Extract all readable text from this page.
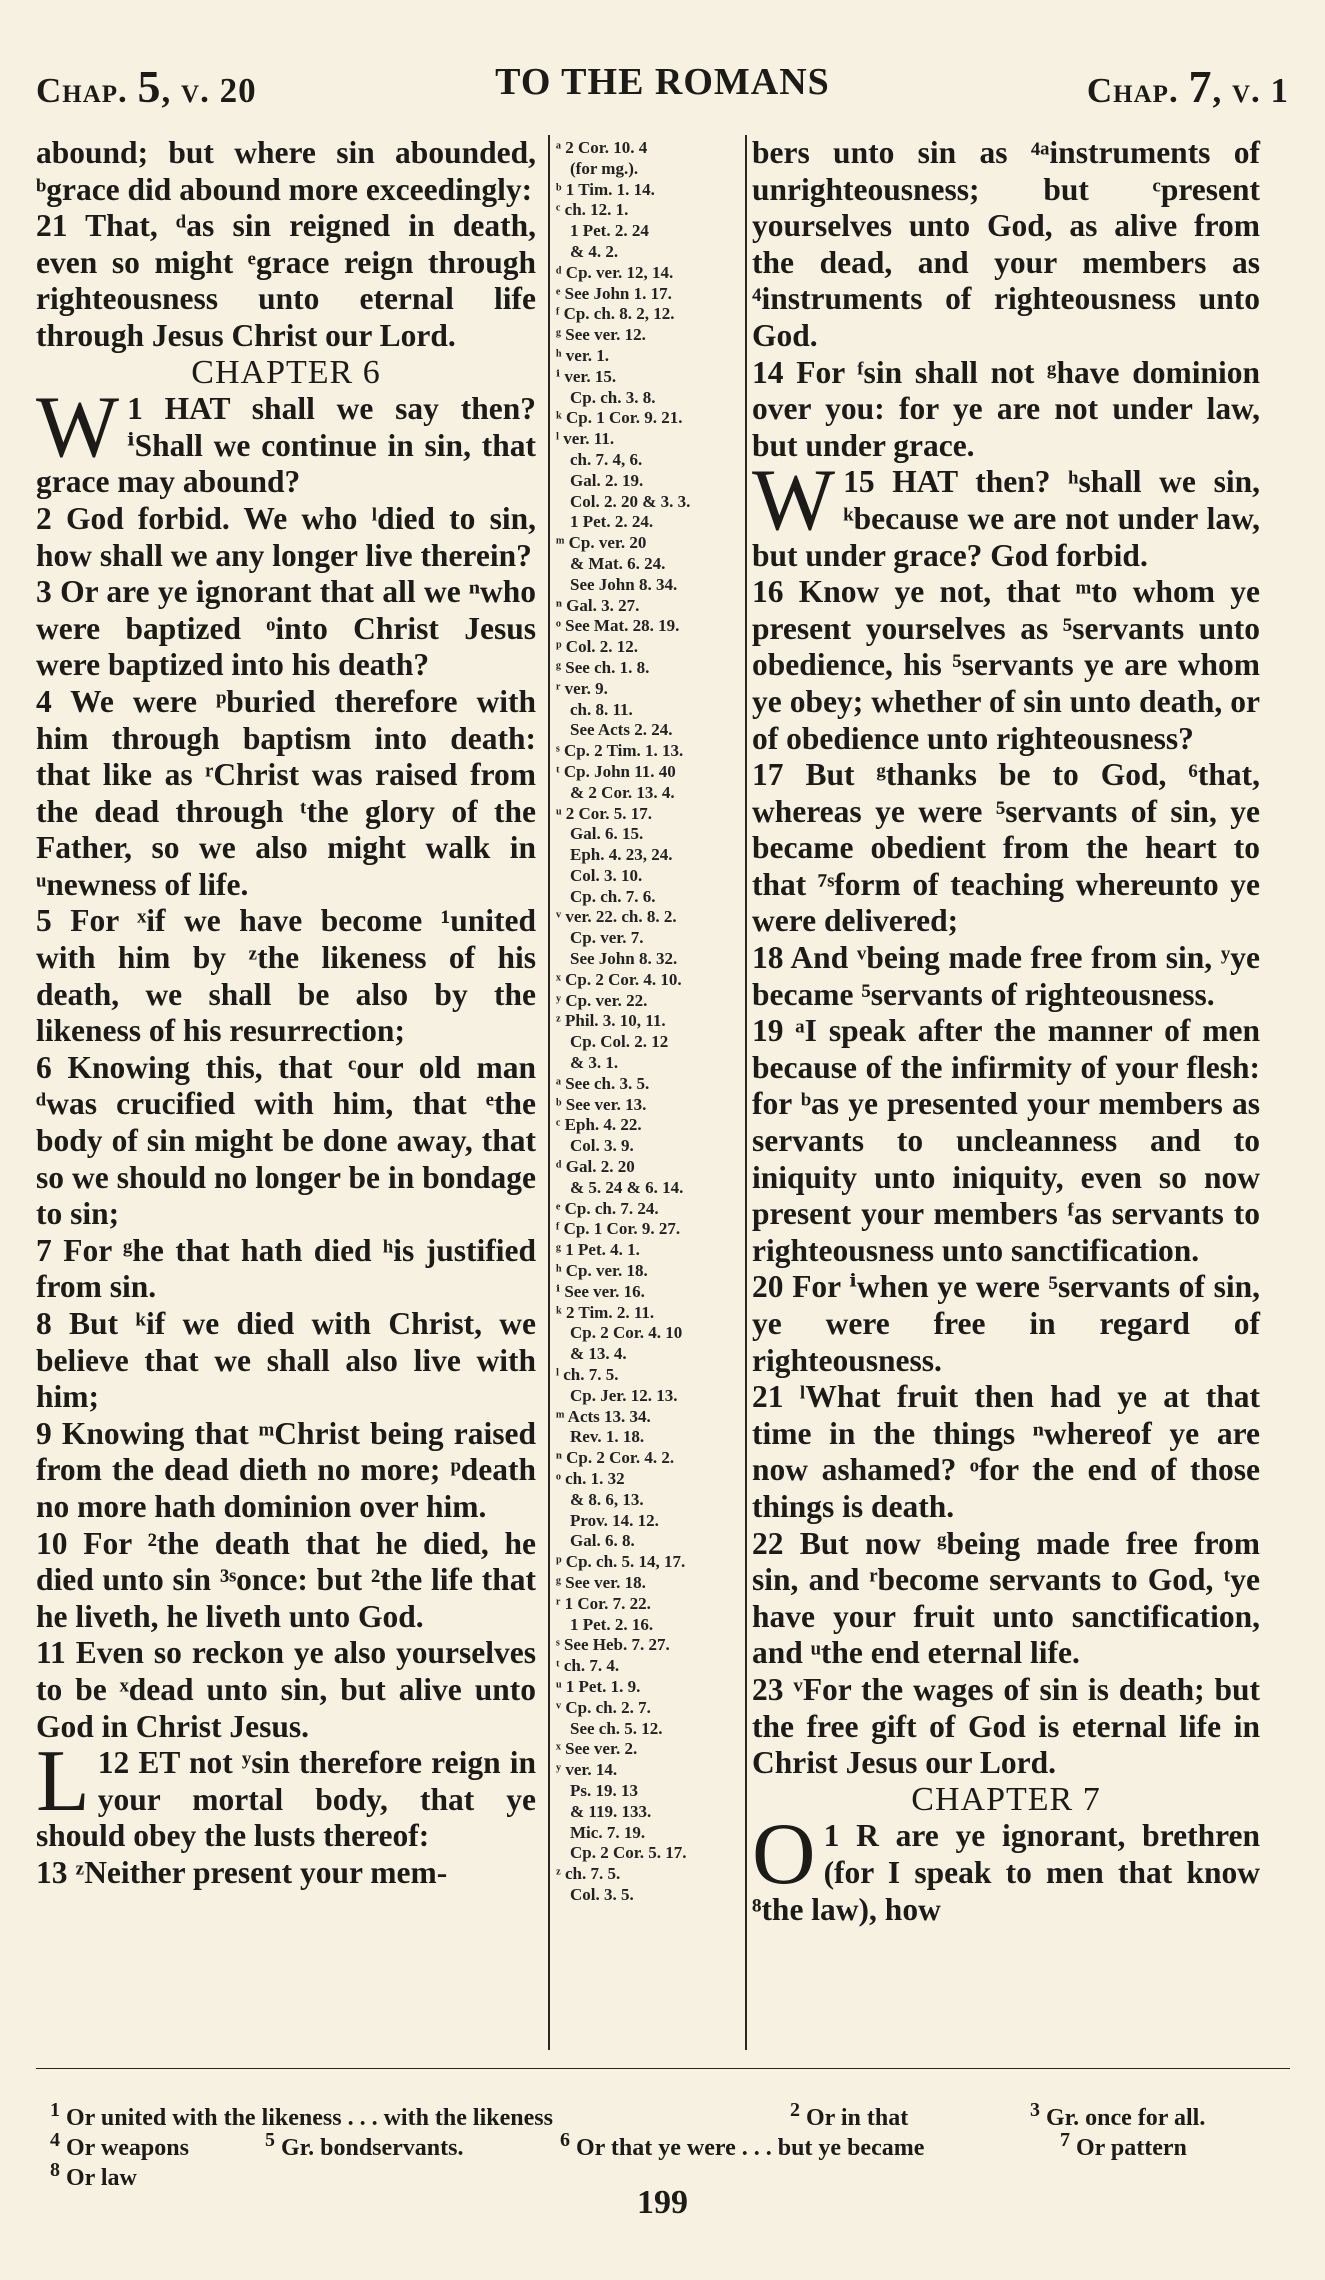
Chap. 5, v. 20	TO THE ROMANS	Chap. 7, v. 1

abound; but where sin abounded, ᵇgrace did abound more exceedingly:

21 That, ᵈas sin reigned in death, even so might ᵉgrace reign through righteousness unto eternal life through Jesus Christ our Lord.

CHAPTER 6

1
W HAT shall we say then? ⁱShall we continue in sin, that grace may abound?

2 God forbid. We who ˡdied to sin, how shall we any longer live therein?

3 Or are ye ignorant that all we ⁿwho were baptized ᵒinto Christ Jesus were baptized into his death?

4 We were ᵖburied therefore with him through baptism into death: that like as ʳChrist was raised from the dead through ᵗthe glory of the Father, so we also might walk in ᵘnewness of life.

5 For ˣif we have become ¹united with him by ᶻthe likeness of his death, we shall be also by the likeness of his resurrection;

6 Knowing this, that ᶜour old man ᵈwas crucified with him, that ᵉthe body of sin might be done away, that so we should no longer be in bondage to sin;

7 For ᵍhe that hath died ʰis justified from sin.

8 But ᵏif we died with Christ, we believe that we shall also live with him;

9 Knowing that ᵐChrist being raised from the dead dieth no more; ᵖdeath no more hath dominion over him.

10 For ²the death that he died, he died unto sin ³ˢonce: but ²the life that he liveth, he liveth unto God.

11 Even so reckon ye also yourselves to be ˣdead unto sin, but alive unto God in Christ Jesus.

12
L ET not ʸsin therefore reign in your mortal body, that ye should obey the lusts thereof:

13 ᶻNeither present your mem-

ᵃ 2 Cor. 10. 4
(for mg.).
ᵇ 1 Tim. 1. 14.
ᶜ ch. 12. 1.
1 Pet. 2. 24
& 4. 2.
ᵈ Cp. ver. 12, 14.
ᵉ See John 1. 17.
ᶠ Cp. ch. 8. 2, 12.
ᵍ See ver. 12.
ʰ ver. 1.
ⁱ ver. 15.
Cp. ch. 3. 8.
ᵏ Cp. 1 Cor. 9. 21.
ˡ ver. 11.
ch. 7. 4, 6.
Gal. 2. 19.
Col. 2. 20 & 3. 3.
1 Pet. 2. 24.
ᵐ Cp. ver. 20
& Mat. 6. 24.
See John 8. 34.
ⁿ Gal. 3. 27.
ᵒ See Mat. 28. 19.
ᵖ Col. 2. 12.
ᵍ See ch. 1. 8.
ʳ ver. 9.
ch. 8. 11.
See Acts 2. 24.
ˢ Cp. 2 Tim. 1. 13.
ᵗ Cp. John 11. 40
& 2 Cor. 13. 4.
ᵘ 2 Cor. 5. 17.
Gal. 6. 15.
Eph. 4. 23, 24.
Col. 3. 10.
Cp. ch. 7. 6.
ᵛ ver. 22. ch. 8. 2.
Cp. ver. 7.
See John 8. 32.
ˣ Cp. 2 Cor. 4. 10.
ʸ Cp. ver. 22.
ᶻ Phil. 3. 10, 11.
Cp. Col. 2. 12
& 3. 1.
ᵃ See ch. 3. 5.
ᵇ See ver. 13.
ᶜ Eph. 4. 22.
Col. 3. 9.
ᵈ Gal. 2. 20
& 5. 24 & 6. 14.
ᵉ Cp. ch. 7. 24.
ᶠ Cp. 1 Cor. 9. 27.
ᵍ 1 Pet. 4. 1.
ʰ Cp. ver. 18.
ⁱ See ver. 16.
ᵏ 2 Tim. 2. 11.
Cp. 2 Cor. 4. 10
& 13. 4.
ˡ ch. 7. 5.
Cp. Jer. 12. 13.
ᵐ Acts 13. 34.
Rev. 1. 18.
ⁿ Cp. 2 Cor. 4. 2.
ᵒ ch. 1. 32
& 8. 6, 13.
Prov. 14. 12.
Gal. 6. 8.
ᵖ Cp. ch. 5. 14, 17.
ᵍ See ver. 18.
ʳ 1 Cor. 7. 22.
1 Pet. 2. 16.
ˢ See Heb. 7. 27.
ᵗ ch. 7. 4.
ᵘ 1 Pet. 1. 9.
ᵛ Cp. ch. 2. 7.
See ch. 5. 12.
ˣ See ver. 2.
ʸ ver. 14.
Ps. 19. 13
& 119. 133.
Mic. 7. 19.
Cp. 2 Cor. 5. 17.
ᶻ ch. 7. 5.
Col. 3. 5.

bers unto sin as ⁴ᵃinstruments of unrighteousness; but ᶜpresent yourselves unto God, as alive from the dead, and your members as ⁴instruments of righteousness unto God.

14 For ᶠsin shall not ᵍhave dominion over you: for ye are not under law, but under grace.

15
W HAT then? ʰshall we sin, ᵏbecause we are not under law, but under grace? God forbid.

16 Know ye not, that ᵐto whom ye present yourselves as ⁵servants unto obedience, his ⁵servants ye are whom ye obey; whether of sin unto death, or of obedience unto righteousness?

17 But ᵍthanks be to God, ⁶that, whereas ye were ⁵servants of sin, ye became obedient from the heart to that ⁷ˢform of teaching whereunto ye were delivered;

18 And ᵛbeing made free from sin, ʸye became ⁵servants of righteousness.

19 ᵃI speak after the manner of men because of the infirmity of your flesh: for ᵇas ye presented your members as servants to uncleanness and to iniquity unto iniquity, even so now present your members ᶠas servants to righteousness unto sanctification.

20 For ⁱwhen ye were ⁵servants of sin, ye were free in regard of righteousness.

21 ˡWhat fruit then had ye at that time in the things ⁿwhereof ye are now ashamed? ᵒfor the end of those things is death.

22 But now ᵍbeing made free from sin, and ʳbecome servants to God, ᵗye have your fruit unto sanctification, and ᵘthe end eternal life.

23 ᵛFor the wages of sin is death; but the free gift of God is eternal life in Christ Jesus our Lord.

CHAPTER 7

1
O R are ye ignorant, brethren (for I speak to men that know ⁸the law), how

$^1$ Or united with the likeness . . . with the likeness	$^2$ Or in that	$^3$ Gr. once for all.
$^4$ Or weapons	$^5$ Gr. bondservants.	$^6$ Or that ye were . . . but ye became	$^7$ Or pattern
$^8$ Or law
199
